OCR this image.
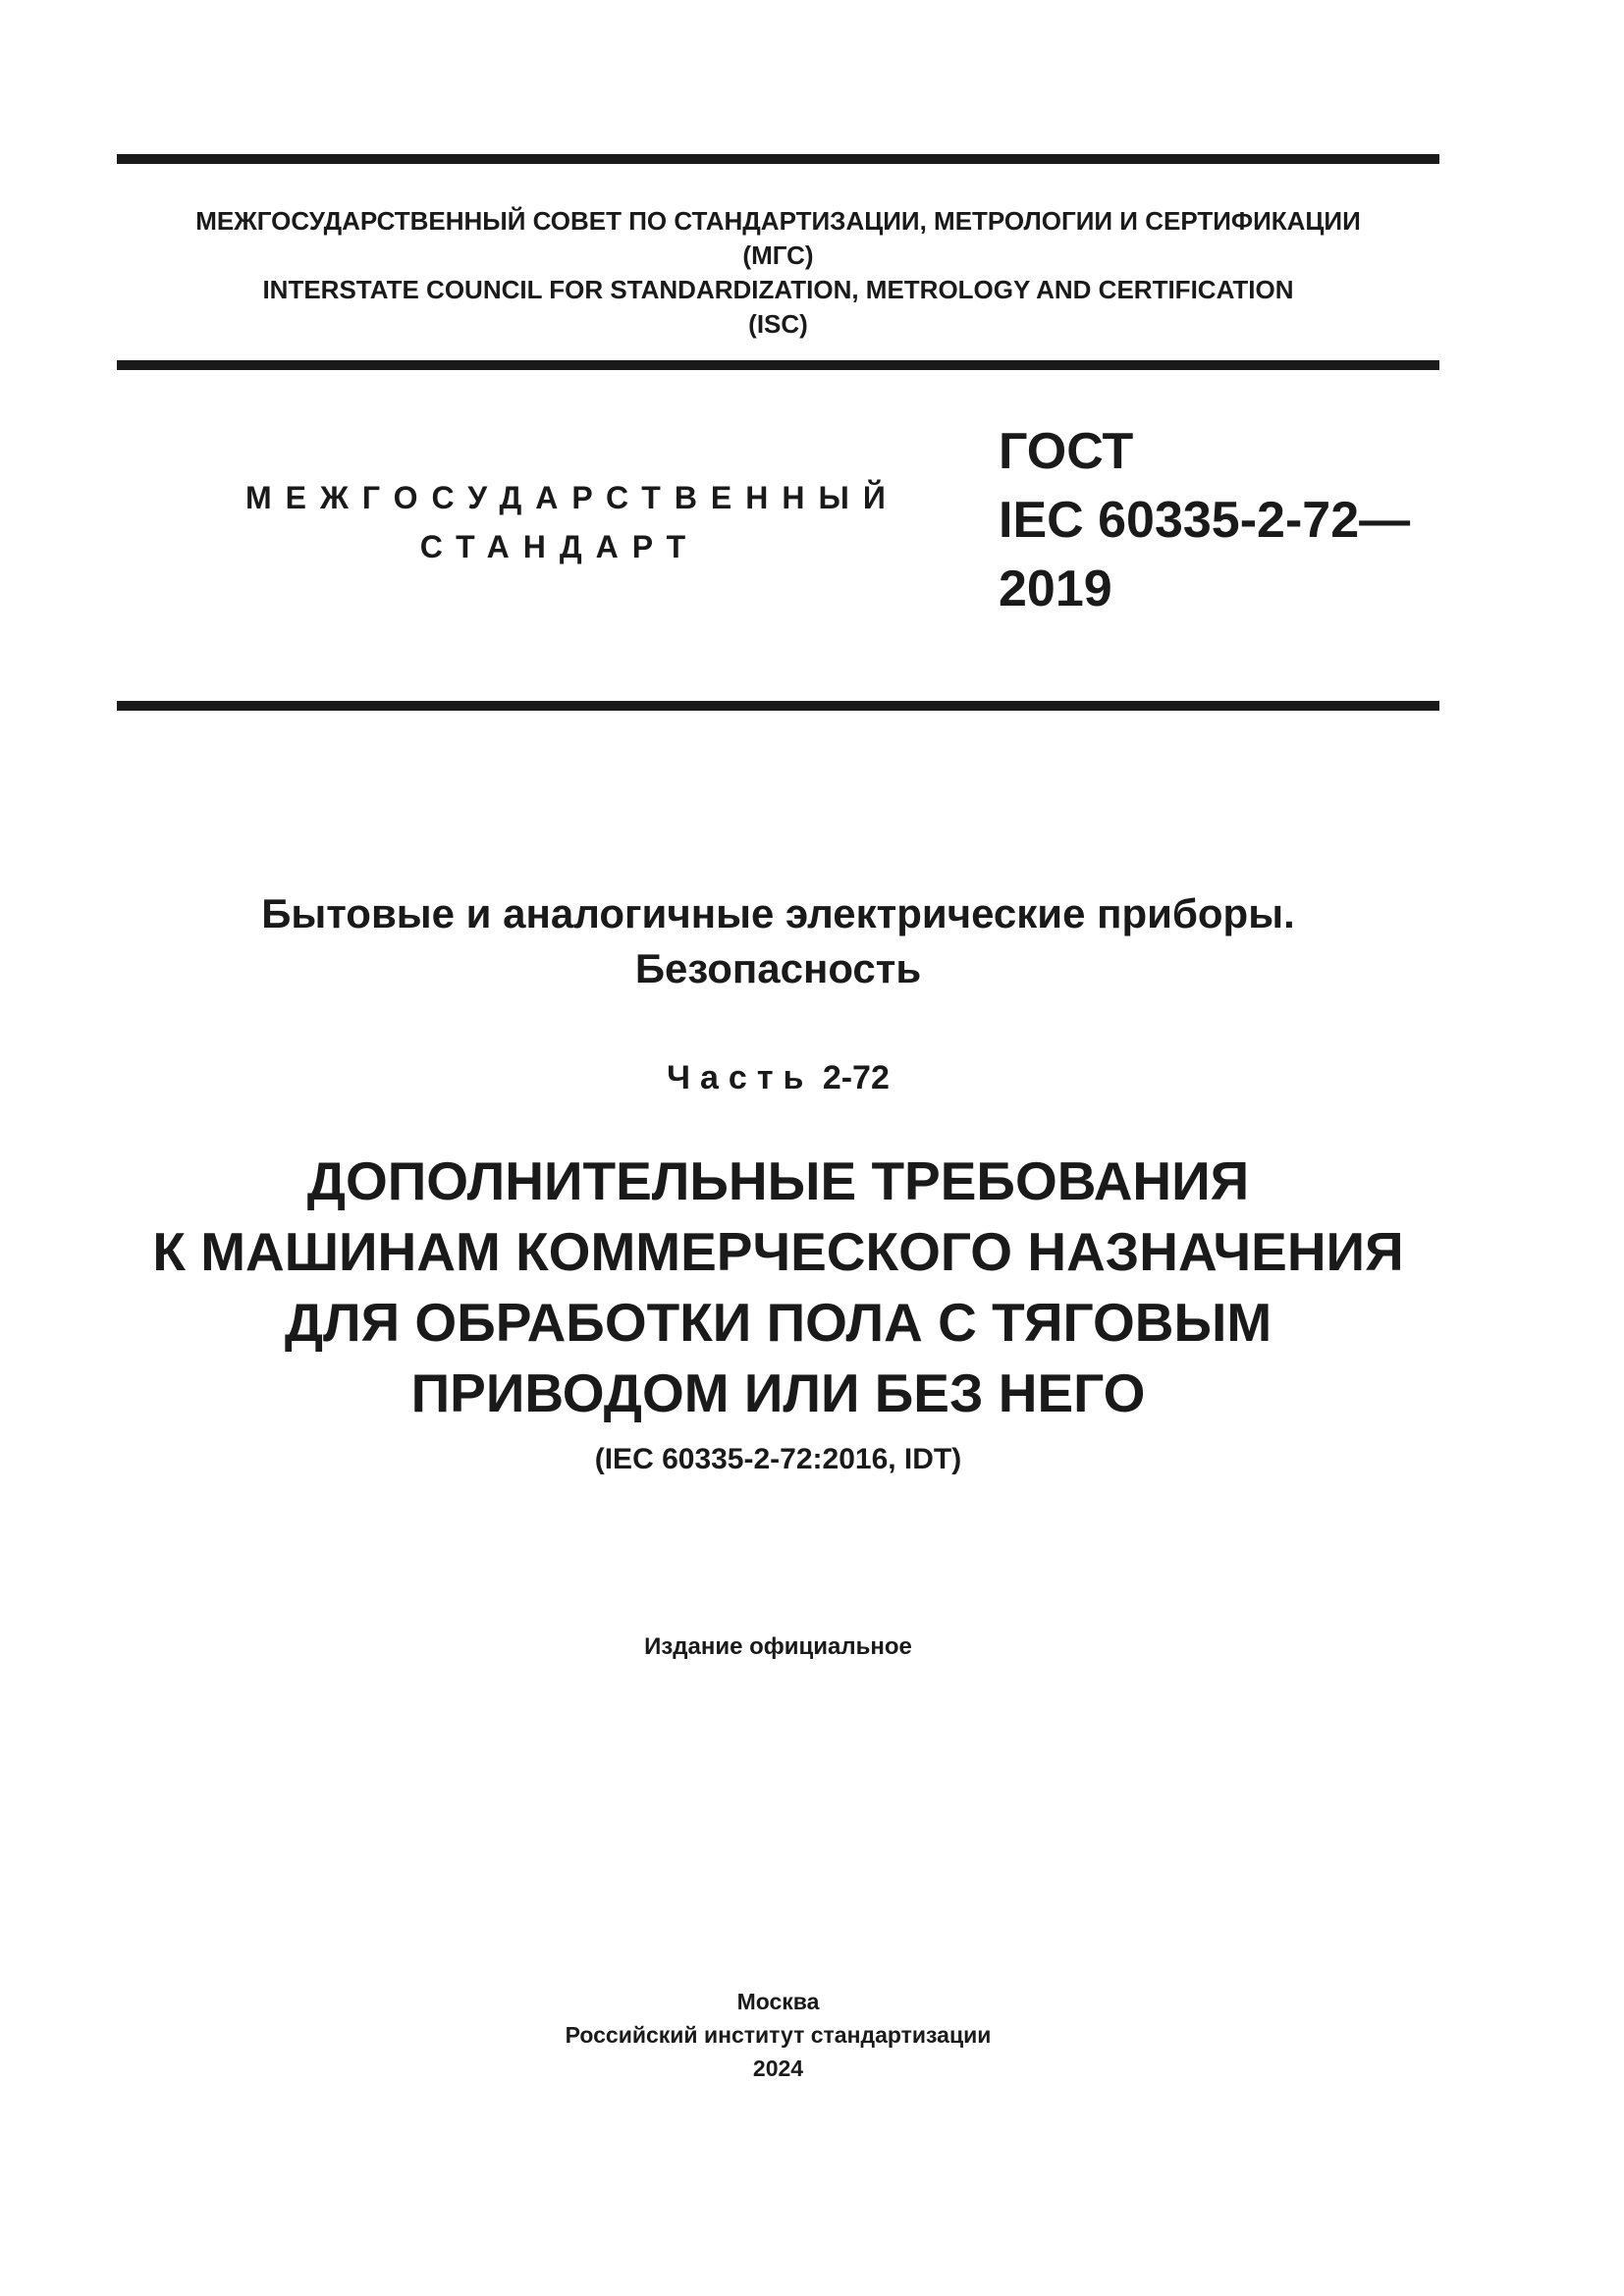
МЕЖГОСУДАРСТВЕННЫЙ СОВЕТ ПО СТАНДАРТИЗАЦИИ, МЕТРОЛОГИИ И СЕРТИФИКАЦИИ
(МГС)
INTERSTATE COUNCIL FOR STANDARDIZATION, METROLOGY AND CERTIFICATION
(ISC)
МЕЖГОСУДАРСТВЕННЫЙ
СТАНДАРТ
ГОСТ
IEC 60335-2-72—
2019
Бытовые и аналогичные электрические приборы.
Безопасность
Часть 2-72
ДОПОЛНИТЕЛЬНЫЕ ТРЕБОВАНИЯ
К МАШИНАМ КОММЕРЧЕСКОГО НАЗНАЧЕНИЯ
ДЛЯ ОБРАБОТКИ ПОЛА С ТЯГОВЫМ
ПРИВОДОМ ИЛИ БЕЗ НЕГО
(IEC 60335-2-72:2016, IDT)
Издание официальное
Москва
Российский институт стандартизации
2024
